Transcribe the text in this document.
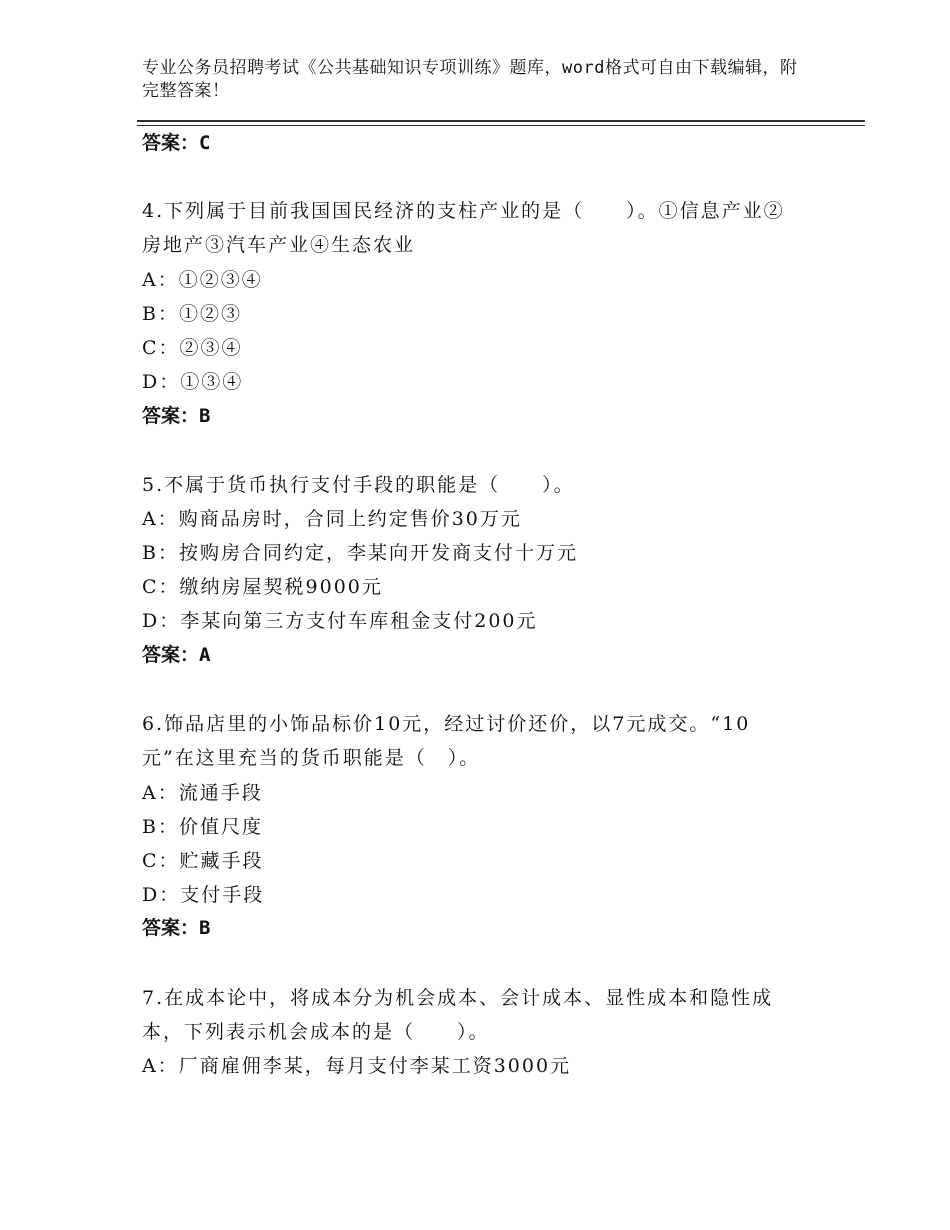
专业公务员招聘考试《公共基础知识专项训练》题库，word格式可自由下载编辑，附完整答案！
答案：C
4.下列属于目前我国国民经济的支柱产业的是（　　）。①信息产业②房地产③汽车产业④生态农业
A：①②③④
B：①②③
C：②③④
D：①③④
答案：B
5.不属于货币执行支付手段的职能是（　　）。
A：购商品房时，合同上约定售价30万元
B：按购房合同约定，李某向开发商支付十万元
C：缴纳房屋契税9000元
D：李某向第三方支付车库租金支付200元
答案：A
6.饰品店里的小饰品标价10元，经过讨价还价，以7元成交。“10元”在这里充当的货币职能是（　）。
A：流通手段
B：价值尺度
C：贮藏手段
D：支付手段
答案：B
7.在成本论中，将成本分为机会成本、会计成本、显性成本和隐性成本，下列表示机会成本的是（　　）。
A：厂商雇佣李某，每月支付李某工资3000元
